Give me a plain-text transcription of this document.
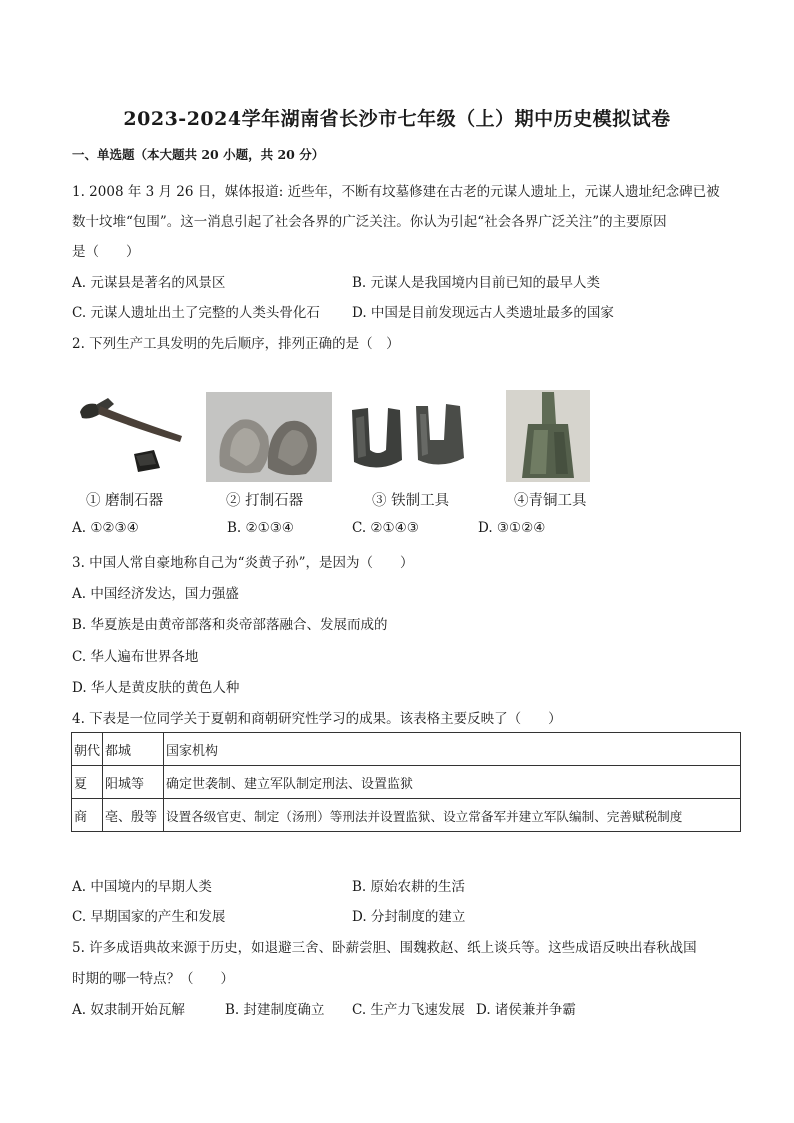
2023-2024学年湖南省长沙市七年级（上）期中历史模拟试卷
一、单选题（本大题共 20 小题，共 20 分）
1. 2008 年 3 月 26 日，媒体报道: 近些年，不断有坟墓修建在古老的元谋人遗址上，元谋人遗址纪念碑已被
数十坟堆“包围”。这一消息引起了社会各界的广泛关注。你认为引起“社会各界广泛关注”的主要原因
是（　　）
A. 元谋县是著名的风景区	B. 元谋人是我国境内目前已知的最早人类
C. 元谋人遗址出土了完整的人类头骨化石 D. 中国是目前发现远古人类遗址最多的国家
2. 下列生产工具发明的先后顺序，排列正确的是（　）
① 磨制石器	② 打制石器	③ 铁制工具	④青铜工具
A. ①②③④	B. ②①③④	C. ②①④③	D. ③①②④
3. 中国人常自豪地称自己为“炎黄子孙”，是因为（　　）
A. 中国经济发达，国力强盛
B. 华夏族是由黄帝部落和炎帝部落融合、发展而成的
C. 华人遍布世界各地
D. 华人是黄皮肤的黄色人种
4. 下表是一位同学关于夏朝和商朝研究性学习的成果。该表格主要反映了（　　）
朝代	都城	国家机构
夏	阳城等	确定世袭制、建立军队制定刑法、设置监狱
商	亳、殷等	设置各级官吏、制定（汤刑）等刑法并设置监狱、设立常备军并建立军队编制、完善赋税制度
A. 中国境内的早期人类	B. 原始农耕的生活
C. 早期国家的产生和发展	D. 分封制度的建立
5. 许多成语典故来源于历史，如退避三舍、卧薪尝胆、围魏救赵、纸上谈兵等。这些成语反映出春秋战国
时期的哪一特点？（　　）
A. 奴隶制开始瓦解	B. 封建制度确立 C. 生产力飞速发展 D. 诸侯兼并争霸
